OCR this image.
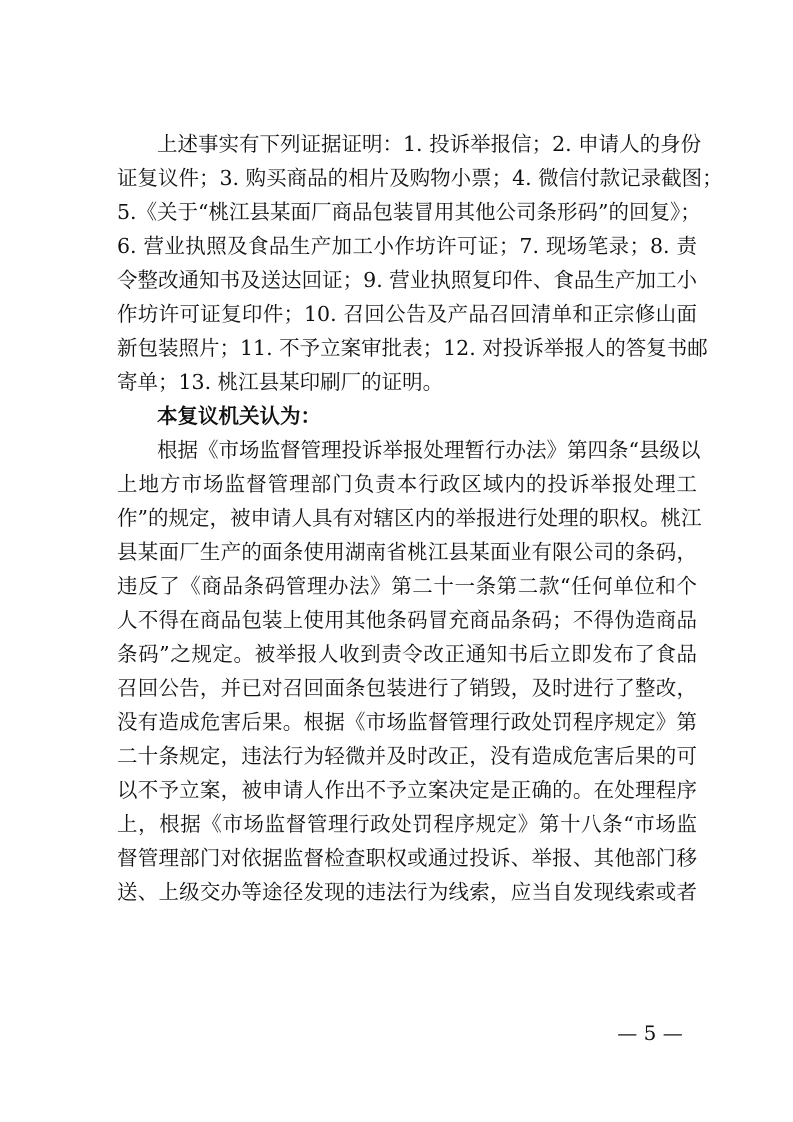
上述事实有下列证据证明：1. 投诉举报信；2. 申请人的身份
证复议件；3. 购买商品的相片及购物小票；4. 微信付款记录截图；
5.《关于“桃江县某面厂商品包装冒用其他公司条形码”的回复》；
6. 营业执照及食品生产加工小作坊许可证；7. 现场笔录；8. 责
令整改通知书及送达回证；9. 营业执照复印件、食品生产加工小
作坊许可证复印件；10. 召回公告及产品召回清单和正宗修山面
新包装照片；11. 不予立案审批表；12. 对投诉举报人的答复书邮
寄单；13. 桃江县某印刷厂的证明。
本复议机关认为：
根据《市场监督管理投诉举报处理暂行办法》第四条“县级以
上地方市场监督管理部门负责本行政区域内的投诉举报处理工
作”的规定，被申请人具有对辖区内的举报进行处理的职权。桃江
县某面厂生产的面条使用湖南省桃江县某面业有限公司的条码，
违反了《商品条码管理办法》第二十一条第二款“任何单位和个
人不得在商品包装上使用其他条码冒充商品条码；不得伪造商品
条码”之规定。被举报人收到责令改正通知书后立即发布了食品
召回公告，并已对召回面条包装进行了销毁，及时进行了整改，
没有造成危害后果。根据《市场监督管理行政处罚程序规定》第
二十条规定，违法行为轻微并及时改正，没有造成危害后果的可
以不予立案，被申请人作出不予立案决定是正确的。在处理程序
上，根据《市场监督管理行政处罚程序规定》第十八条“市场监
督管理部门对依据监督检查职权或通过投诉、举报、其他部门移
送、上级交办等途径发现的违法行为线索，应当自发现线索或者
— 5 —
